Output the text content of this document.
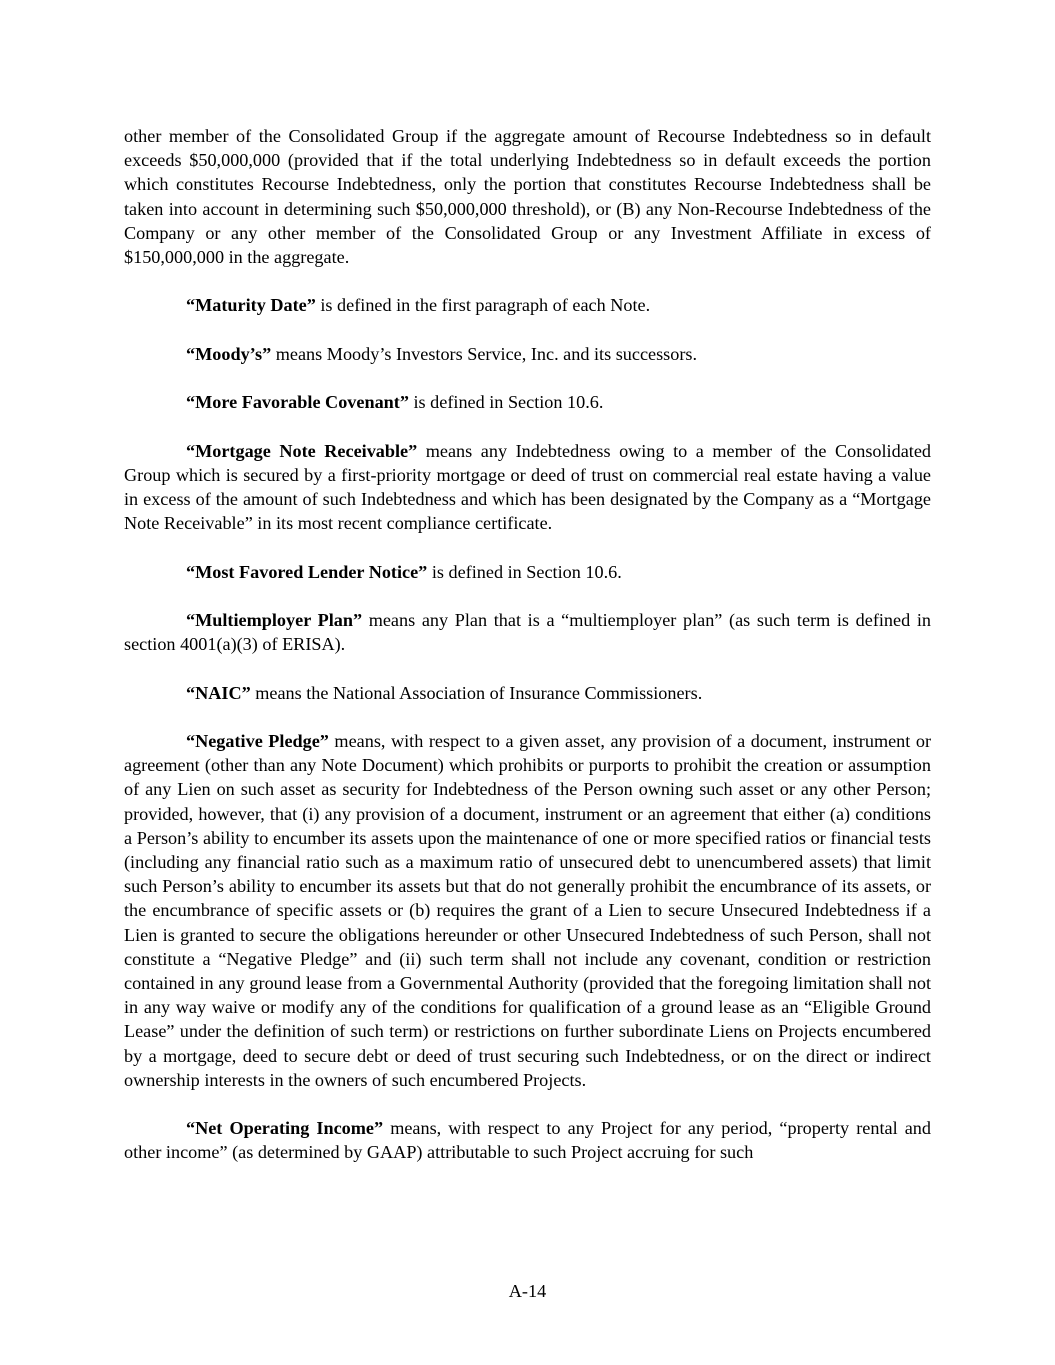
other member of the Consolidated Group if the aggregate amount of Recourse Indebtedness so in default exceeds $50,000,000 (provided that if the total underlying Indebtedness so in default exceeds the portion which constitutes Recourse Indebtedness, only the portion that constitutes Recourse Indebtedness shall be taken into account in determining such $50,000,000 threshold), or (B) any Non-Recourse Indebtedness of the Company or any other member of the Consolidated Group or any Investment Affiliate in excess of $150,000,000 in the aggregate.

“Maturity Date” is defined in the first paragraph of each Note.

“Moody’s” means Moody’s Investors Service, Inc. and its successors.

“More Favorable Covenant” is defined in Section 10.6.

“Mortgage Note Receivable” means any Indebtedness owing to a member of the Consolidated Group which is secured by a first-priority mortgage or deed of trust on commercial real estate having a value in excess of the amount of such Indebtedness and which has been designated by the Company as a “Mortgage Note Receivable” in its most recent compliance certificate.

“Most Favored Lender Notice” is defined in Section 10.6.

“Multiemployer Plan” means any Plan that is a “multiemployer plan” (as such term is defined in section 4001(a)(3) of ERISA).

“NAIC” means the National Association of Insurance Commissioners.

“Negative Pledge” means, with respect to a given asset, any provision of a document, instrument or agreement (other than any Note Document) which prohibits or purports to prohibit the creation or assumption of any Lien on such asset as security for Indebtedness of the Person owning such asset or any other Person; provided, however, that (i) any provision of a document, instrument or an agreement that either (a) conditions a Person’s ability to encumber its assets upon the maintenance of one or more specified ratios or financial tests (including any financial ratio such as a maximum ratio of unsecured debt to unencumbered assets) that limit such Person’s ability to encumber its assets but that do not generally prohibit the encumbrance of its assets, or the encumbrance of specific assets or (b) requires the grant of a Lien to secure Unsecured Indebtedness if a Lien is granted to secure the obligations hereunder or other Unsecured Indebtedness of such Person, shall not constitute a “Negative Pledge” and (ii) such term shall not include any covenant, condition or restriction contained in any ground lease from a Governmental Authority (provided that the foregoing limitation shall not in any way waive or modify any of the conditions for qualification of a ground lease as an “Eligible Ground Lease” under the definition of such term) or restrictions on further subordinate Liens on Projects encumbered by a mortgage, deed to secure debt or deed of trust securing such Indebtedness, or on the direct or indirect ownership interests in the owners of such encumbered Projects.

“Net Operating Income” means, with respect to any Project for any period, “property rental and other income” (as determined by GAAP) attributable to such Project accruing for such

A-14
